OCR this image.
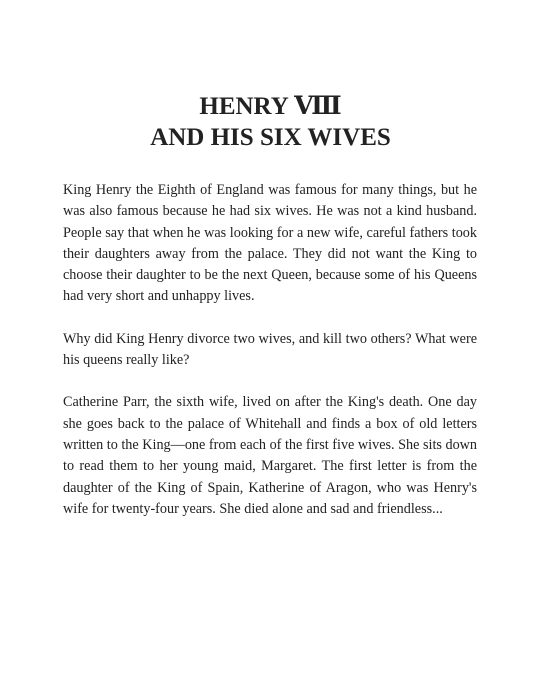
HENRY Ⅷ
AND HIS SIX WIVES

King Henry the Eighth of England was famous for many things, but he was also famous because he had six wives. He was not a kind husband. People say that when he was looking for a new wife, careful fathers took their daughters away from the palace. They did not want the King to choose their daughter to be the next Queen, because some of his Queens had very short and unhappy lives.

Why did King Henry divorce two wives, and kill two others? What were his queens really like?

Catherine Parr, the sixth wife, lived on after the King's death. One day she goes back to the palace of Whitehall and finds a box of old letters written to the King—one from each of the first five wives. She sits down to read them to her young maid, Margaret. The first letter is from the daughter of the King of Spain, Katherine of Aragon, who was Henry's wife for twenty-four years. She died alone and sad and friendless...
